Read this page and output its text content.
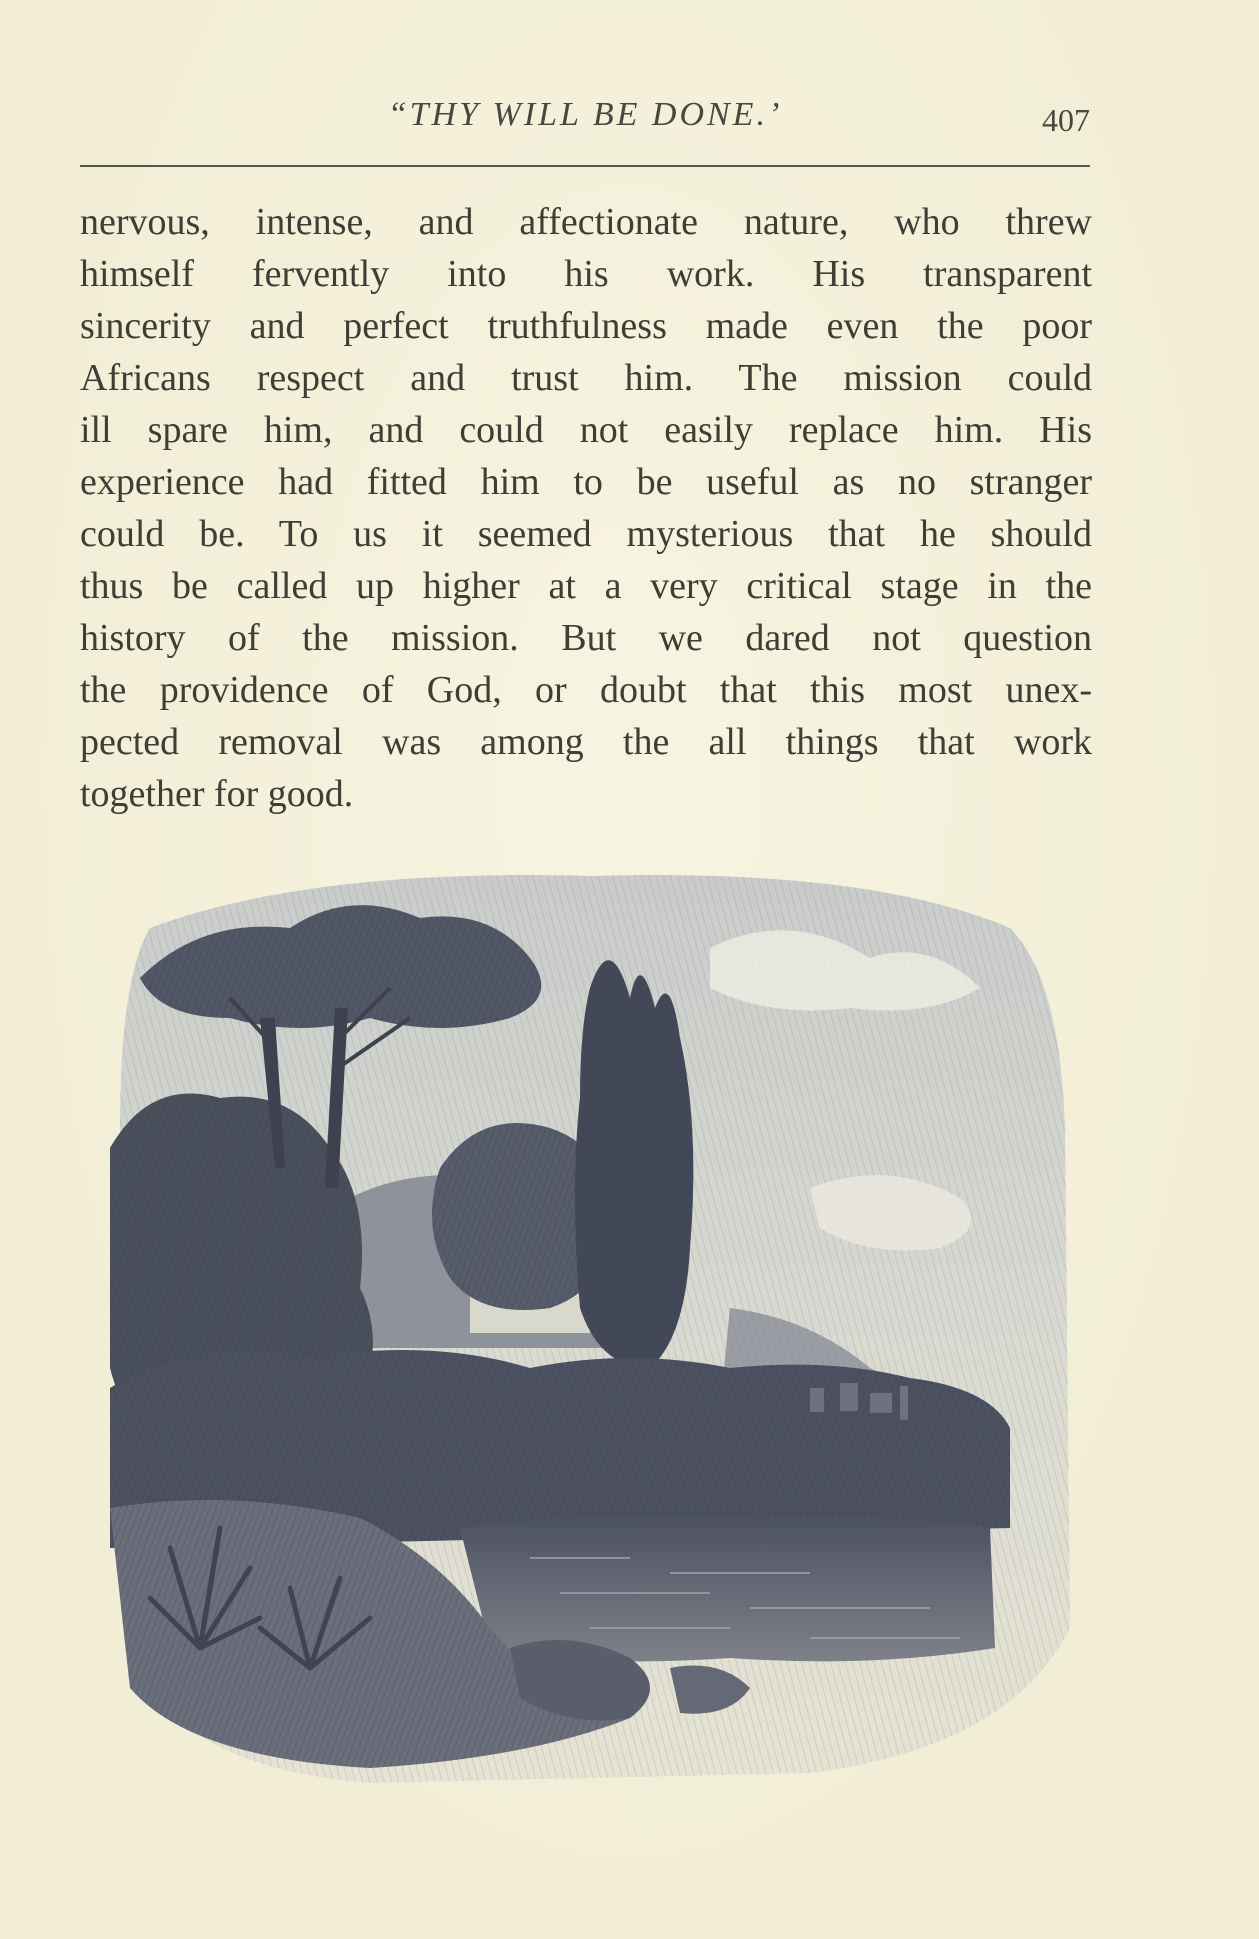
“THY WILL BE DONE.’	407
nervous, intense, and affectionate nature, who threw
himself fervently into his work. His transparent
sincerity and perfect truthfulness made even the poor
Africans respect and trust him. The mission could
ill spare him, and could not easily replace him. His
experience had fitted him to be useful as no stranger
could be. To us it seemed mysterious that he should
thus be called up higher at a very critical stage in the
history of the mission. But we dared not question
the providence of God, or doubt that this most unex-
pected removal was among the all things that work
together for good.
